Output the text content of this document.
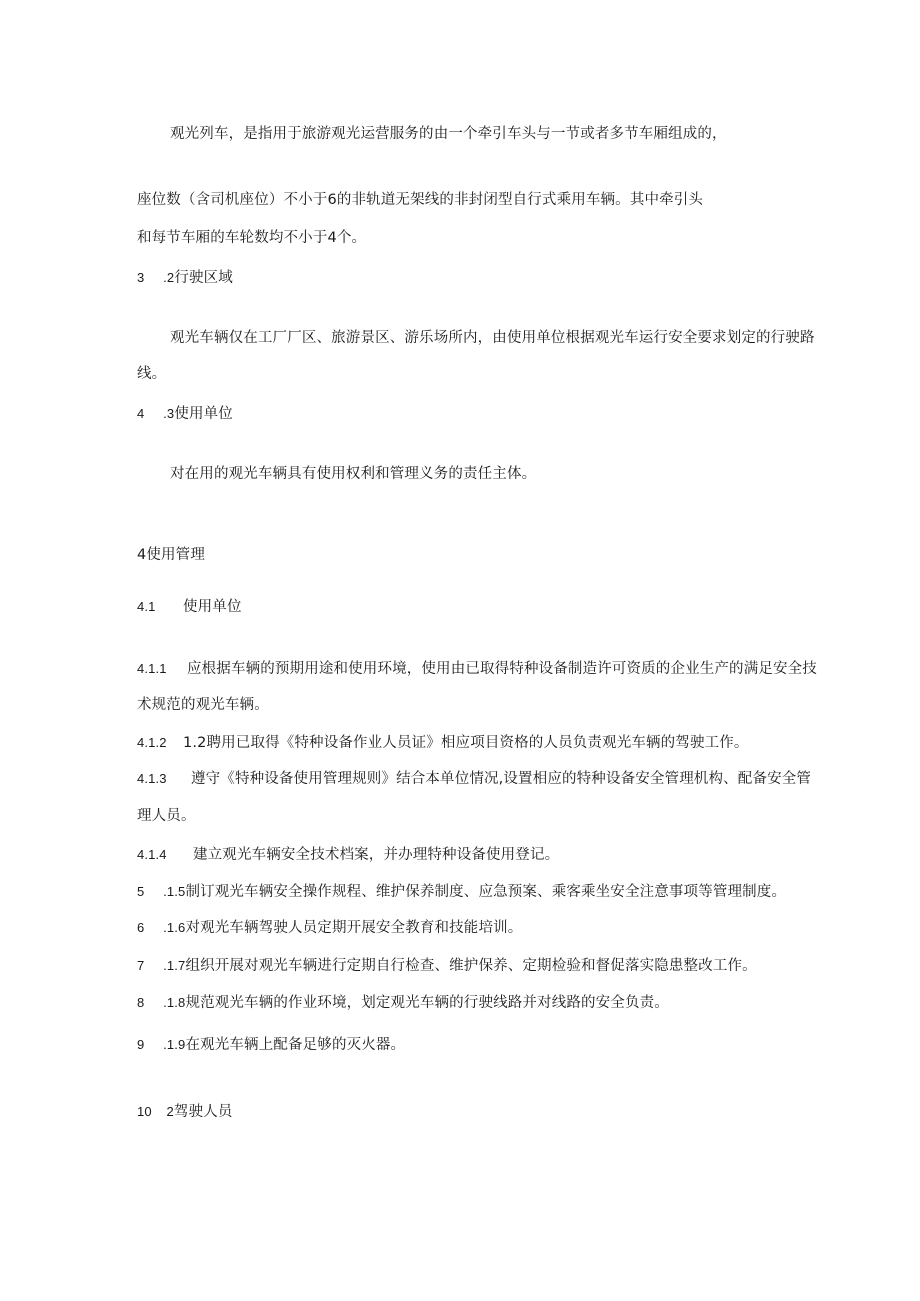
观光列车，是指用于旅游观光运营服务的由一个牵引车头与一节或者多节车厢组成的，
座位数（含司机座位）不小于6的非轨道无架线的非封闭型自行式乘用车辆。其中牵引头
和每节车厢的车轮数均不小于4个。
3 .2行驶区域
观光车辆仅在工厂厂区、旅游景区、游乐场所内，由使用单位根据观光车运行安全要求划定的行驶路
线。
4 .3使用单位
对在用的观光车辆具有使用权利和管理义务的责任主体。
4使用管理
4.1 使用单位
4.1.1 应根据车辆的预期用途和使用环境，使用由已取得特种设备制造许可资质的企业生产的满足安全技
术规范的观光车辆。
4.1.2 1.2聘用已取得《特种设备作业人员证》相应项目资格的人员负责观光车辆的驾驶工作。
4.1.3 遵守《特种设备使用管理规则》结合本单位情况,设置相应的特种设备安全管理机构、配备安全管
理人员。
4.1.4 建立观光车辆安全技术档案，并办理特种设备使用登记。
5 .1.5制订观光车辆安全操作规程、维护保养制度、应急预案、乘客乘坐安全注意事项等管理制度。
6 .1.6对观光车辆驾驶人员定期开展安全教育和技能培训。
7 .1.7组织开展对观光车辆进行定期自行检查、维护保养、定期检验和督促落实隐患整改工作。
8 .1.8规范观光车辆的作业环境，划定观光车辆的行驶线路并对线路的安全负责。
9 .1.9在观光车辆上配备足够的灭火器。
10 2驾驶人员
